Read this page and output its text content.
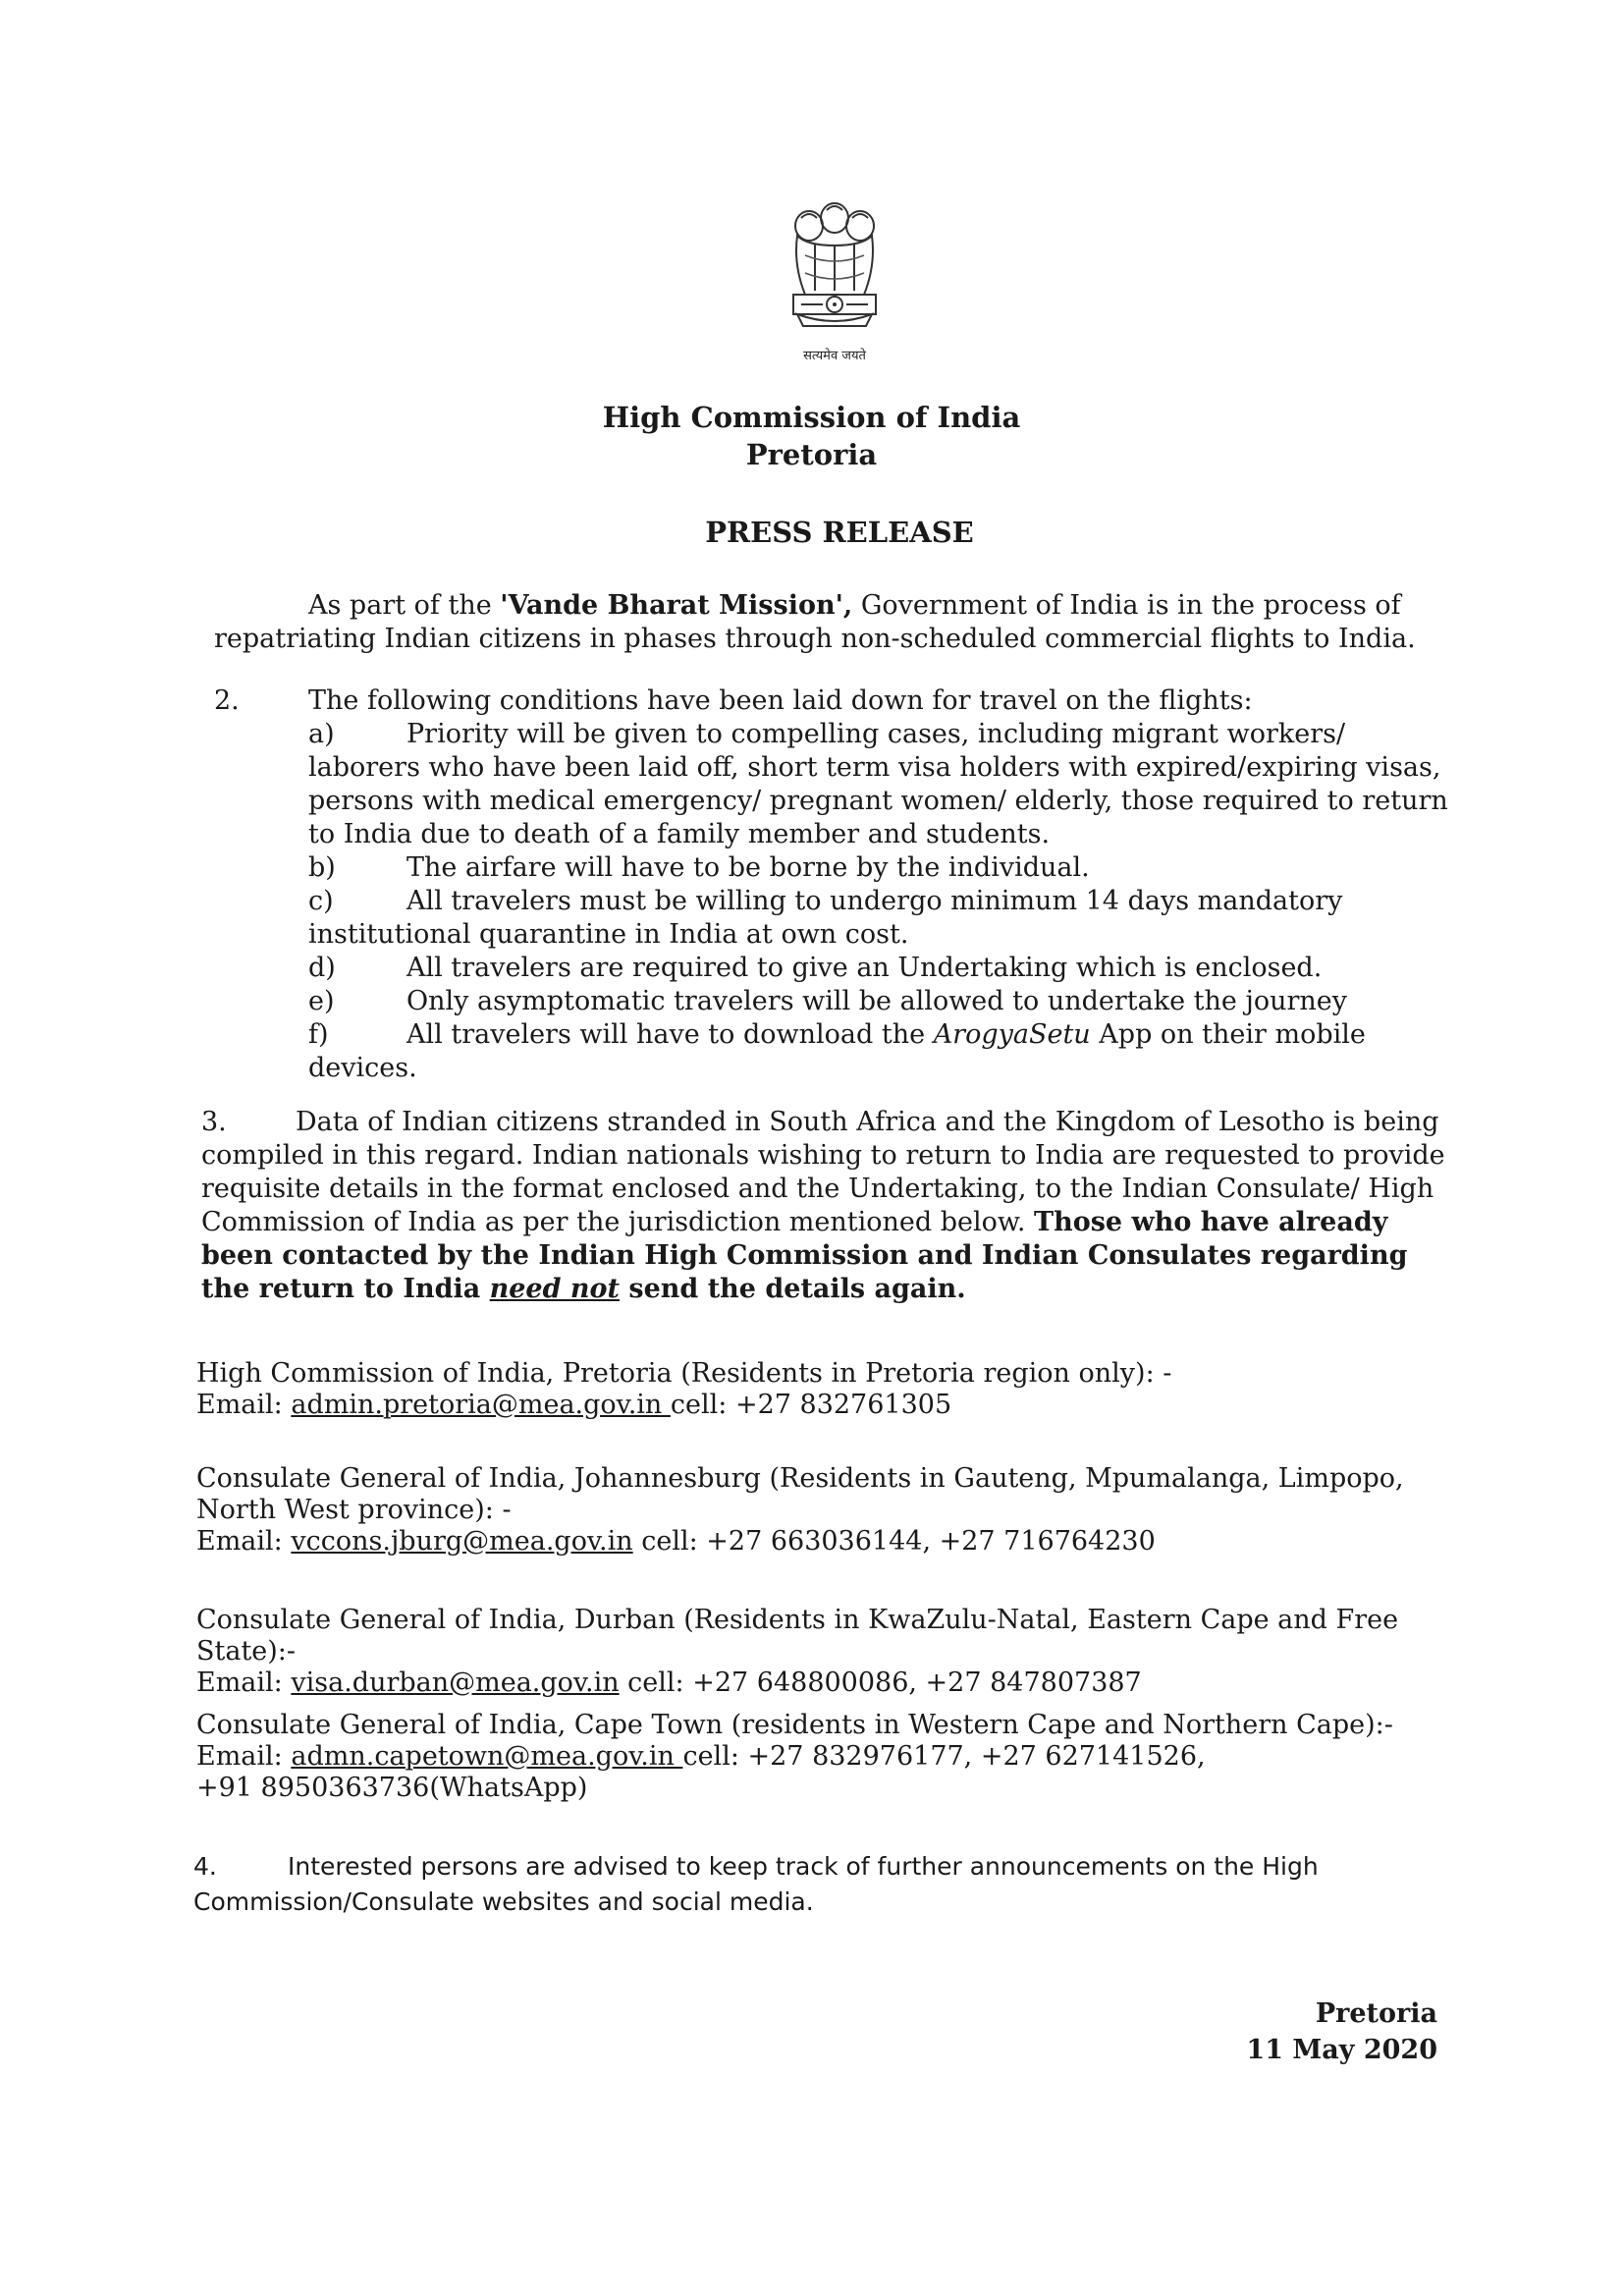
सत्यमेव जयते
High Commission of India
Pretoria
PRESS RELEASE
As part of the 'Vande Bharat Mission', Government of India is in the process of repatriating Indian citizens in phases through non-scheduled commercial flights to India.
2.	The following conditions have been laid down for travel on the flights:
a)	Priority will be given to compelling cases, including migrant workers/ laborers who have been laid off, short term visa holders with expired/expiring visas, persons with medical emergency/ pregnant women/ elderly, those required to return to India due to death of a family member and students.
b)	The airfare will have to be borne by the individual.
c)	All travelers must be willing to undergo minimum 14 days mandatory institutional quarantine in India at own cost.
d)	All travelers are required to give an Undertaking which is enclosed.
e)	Only asymptomatic travelers will be allowed to undertake the journey
f)	All travelers will have to download the ArogyaSetu App on their mobile devices.
3.	Data of Indian citizens stranded in South Africa and the Kingdom of Lesotho is being compiled in this regard. Indian nationals wishing to return to India are requested to provide requisite details in the format enclosed and the Undertaking, to the Indian Consulate/ High Commission of India as per the jurisdiction mentioned below. Those who have already been contacted by the Indian High Commission and Indian Consulates regarding the return to India need not send the details again.
High Commission of India, Pretoria (Residents in Pretoria region only): -
Email: admin.pretoria@mea.gov.in cell: +27 832761305
Consulate General of India, Johannesburg (Residents in Gauteng, Mpumalanga, Limpopo, North West province): -
Email: vccons.jburg@mea.gov.in cell: +27 663036144, +27 716764230
Consulate General of India, Durban (Residents in KwaZulu-Natal, Eastern Cape and Free State):-
Email: visa.durban@mea.gov.in cell: +27 648800086, +27 847807387
Consulate General of India, Cape Town (residents in Western Cape and Northern Cape):-
Email: admn.capetown@mea.gov.in cell: +27 832976177, +27 627141526,
+91 8950363736(WhatsApp)
4.	Interested persons are advised to keep track of further announcements on the High Commission/Consulate websites and social media.
Pretoria
11 May 2020
